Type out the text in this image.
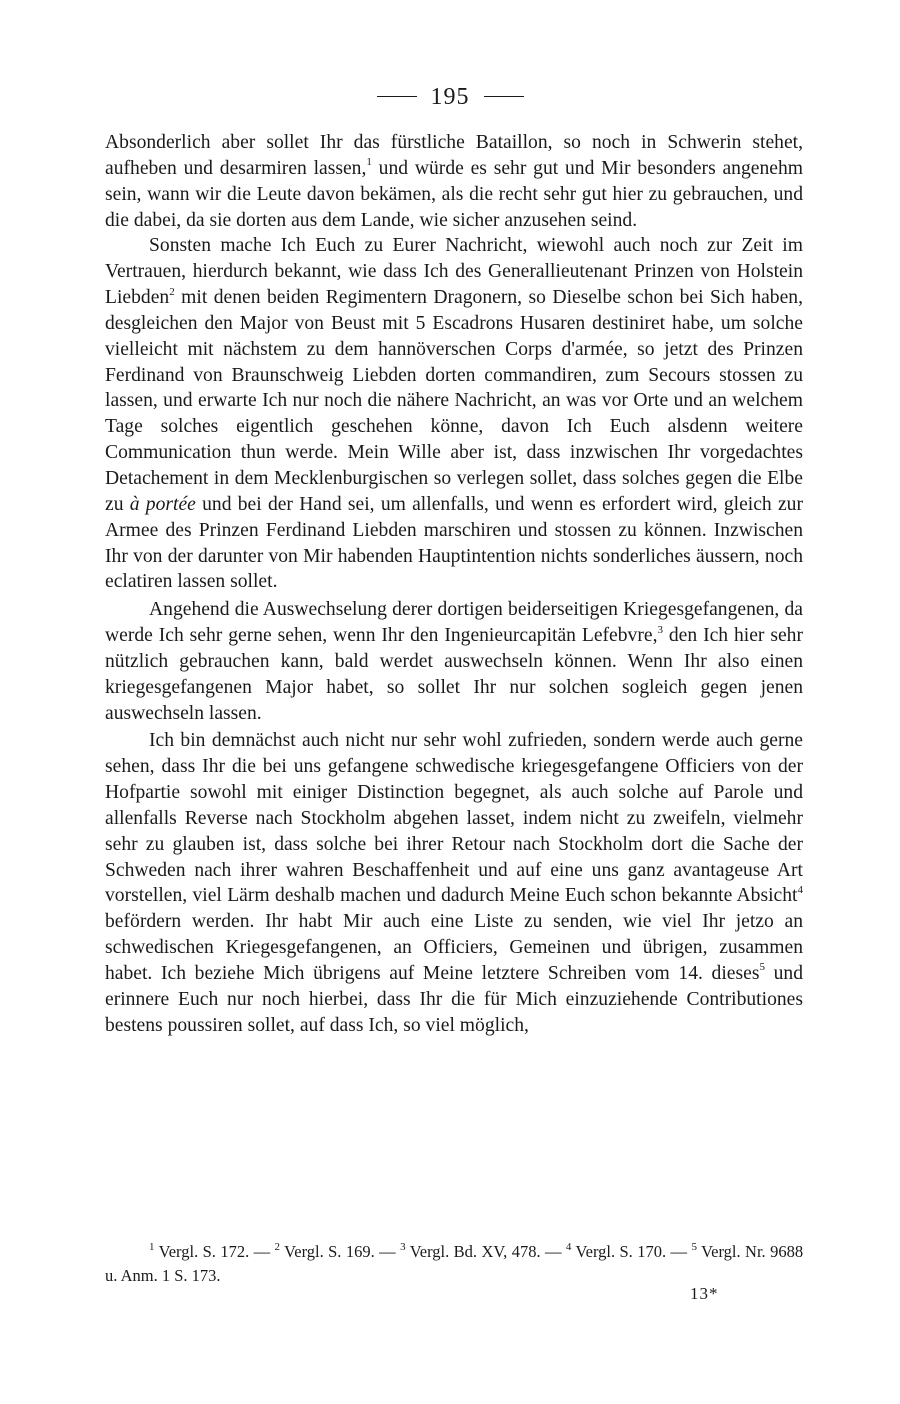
195

Absonderlich aber sollet Ihr das fürstliche Bataillon, so noch in Schwerin stehet, aufheben und desarmiren lassen,$^1$ und würde es sehr gut und Mir besonders angenehm sein, wann wir die Leute davon bekämen, als die recht sehr gut hier zu gebrauchen, und die dabei, da sie dorten aus dem Lande, wie sicher anzusehen seind.

Sonsten mache Ich Euch zu Eurer Nachricht, wiewohl auch noch zur Zeit im Vertrauen, hierdurch bekannt, wie dass Ich des Generallieutenant Prinzen von Holstein Liebden$^2$ mit denen beiden Regimentern Dragonern, so Dieselbe schon bei Sich haben, desgleichen den Major von Beust mit 5 Escadrons Husaren destiniret habe, um solche vielleicht mit nächstem zu dem hannöverschen Corps d'armée, so jetzt des Prinzen Ferdinand von Braunschweig Liebden dorten commandiren, zum Secours stossen zu lassen, und erwarte Ich nur noch die nähere Nachricht, an was vor Orte und an welchem Tage solches eigentlich geschehen könne, davon Ich Euch alsdenn weitere Communication thun werde. Mein Wille aber ist, dass inzwischen Ihr vorgedachtes Detachement in dem Mecklenburgischen so verlegen sollet, dass solches gegen die Elbe zu à portée und bei der Hand sei, um allenfalls, und wenn es erfordert wird, gleich zur Armee des Prinzen Ferdinand Liebden marschiren und stossen zu können. Inzwischen Ihr von der darunter von Mir habenden Hauptintention nichts sonderliches äussern, noch eclatiren lassen sollet.

Angehend die Auswechselung derer dortigen beiderseitigen Kriegesgefangenen, da werde Ich sehr gerne sehen, wenn Ihr den Ingenieurcapitän Lefebvre,$^3$ den Ich hier sehr nützlich gebrauchen kann, bald werdet auswechseln können. Wenn Ihr also einen kriegesgefangenen Major habet, so sollet Ihr nur solchen sogleich gegen jenen auswechseln lassen.

Ich bin demnächst auch nicht nur sehr wohl zufrieden, sondern werde auch gerne sehen, dass Ihr die bei uns gefangene schwedische kriegesgefangene Officiers von der Hofpartie sowohl mit einiger Distinction begegnet, als auch solche auf Parole und allenfalls Reverse nach Stockholm abgehen lasset, indem nicht zu zweifeln, vielmehr sehr zu glauben ist, dass solche bei ihrer Retour nach Stockholm dort die Sache der Schweden nach ihrer wahren Beschaffenheit und auf eine uns ganz avantageuse Art vorstellen, viel Lärm deshalb machen und dadurch Meine Euch schon bekannte Absicht$^4$ befördern werden. Ihr habt Mir auch eine Liste zu senden, wie viel Ihr jetzo an schwedischen Kriegesgefangenen, an Officiers, Gemeinen und übrigen, zusammen habet. Ich beziehe Mich übrigens auf Meine letztere Schreiben vom 14. dieses$^5$ und erinnere Euch nur noch hierbei, dass Ihr die für Mich einzuziehende Contributiones bestens poussiren sollet, auf dass Ich, so viel möglich,

$^1$ Vergl. S. 172. — $^2$ Vergl. S. 169. — $^3$ Vergl. Bd. XV, 478. — $^4$ Vergl. S. 170. — $^5$ Vergl. Nr. 9688 u. Anm. 1 S. 173.
13*
